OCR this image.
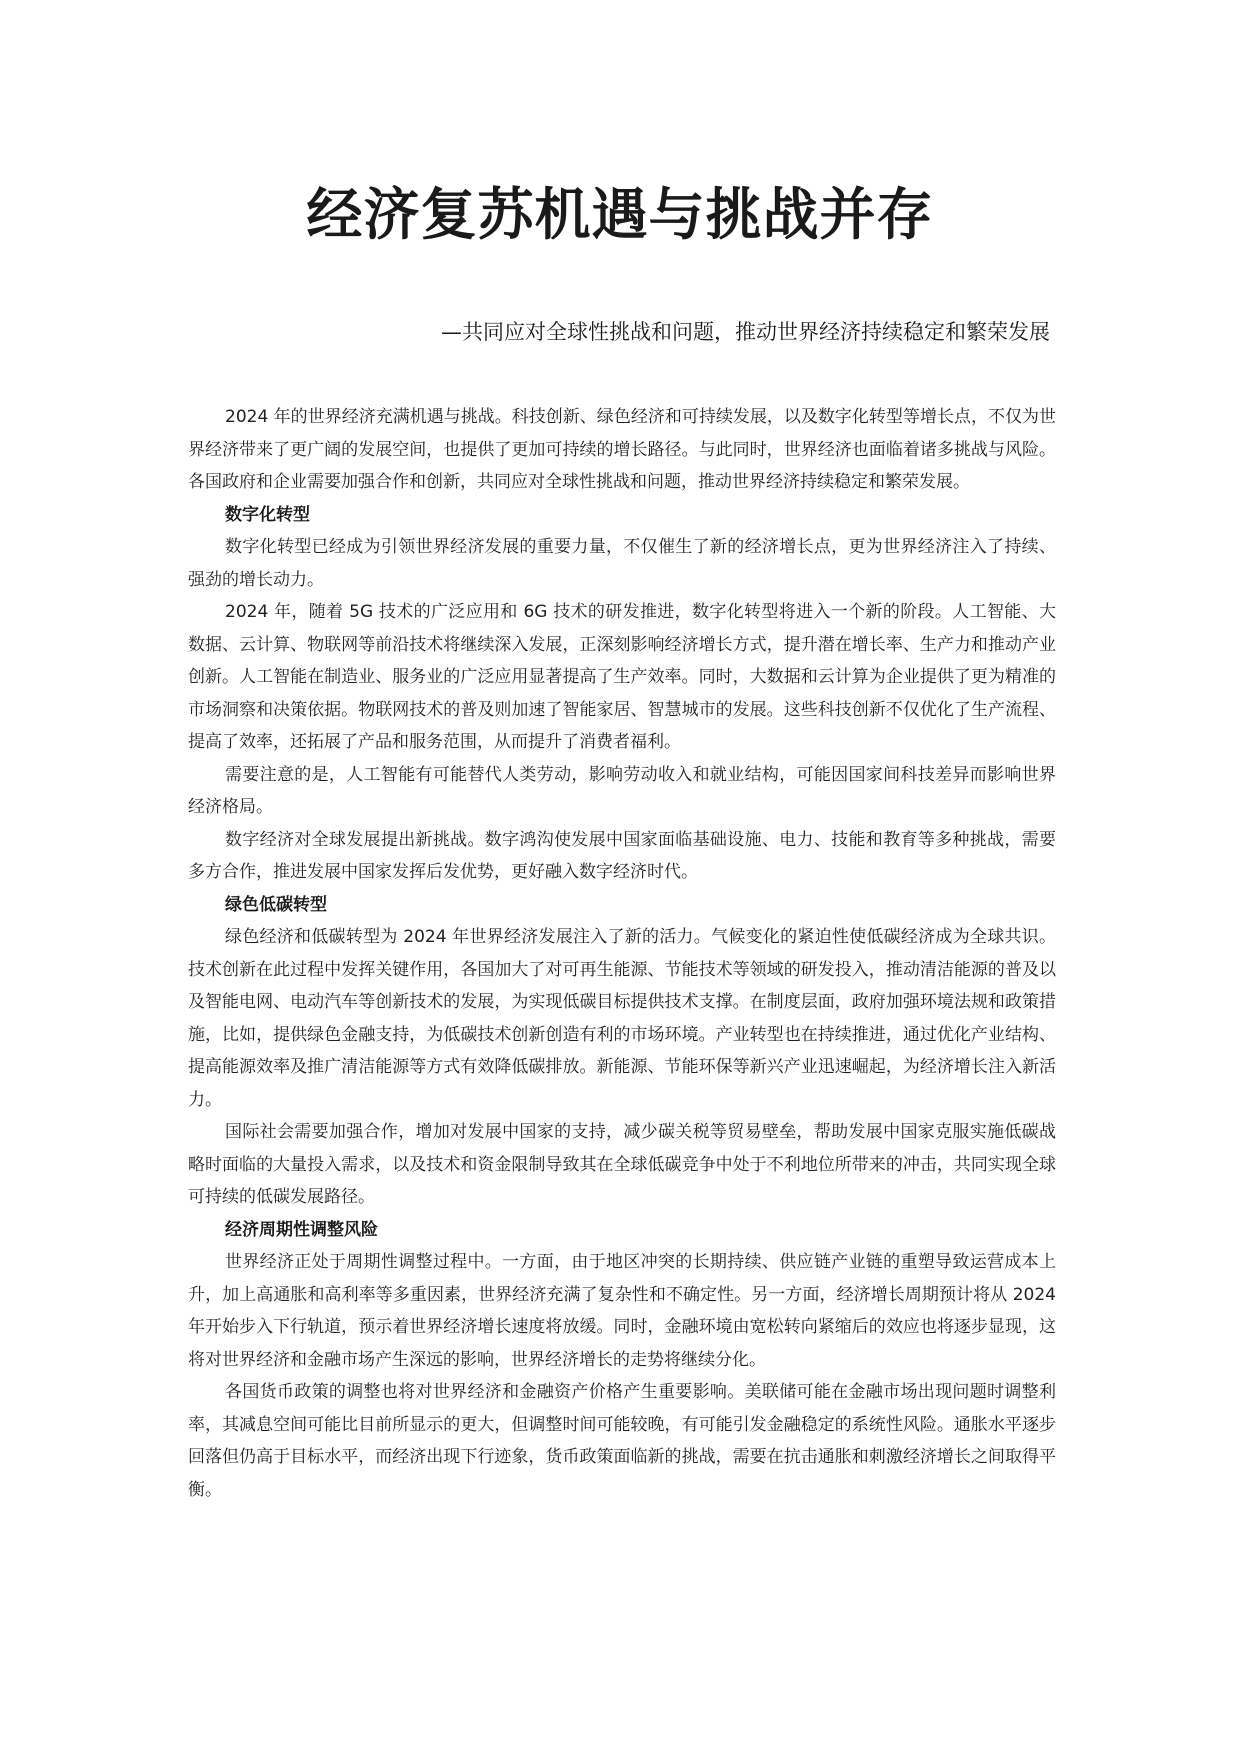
经济复苏机遇与挑战并存

—共同应对全球性挑战和问题，推动世界经济持续稳定和繁荣发展

2024 年的世界经济充满机遇与挑战。科技创新、绿色经济和可持续发展，以及数字化转型等增长点，不仅为世界经济带来了更广阔的发展空间，也提供了更加可持续的增长路径。与此同时，世界经济也面临着诸多挑战与风险。各国政府和企业需要加强合作和创新，共同应对全球性挑战和问题，推动世界经济持续稳定和繁荣发展。

数字化转型

数字化转型已经成为引领世界经济发展的重要力量，不仅催生了新的经济增长点，更为世界经济注入了持续、强劲的增长动力。

2024 年，随着 5G 技术的广泛应用和 6G 技术的研发推进，数字化转型将进入一个新的阶段。人工智能、大数据、云计算、物联网等前沿技术将继续深入发展，正深刻影响经济增长方式，提升潜在增长率、生产力和推动产业创新。人工智能在制造业、服务业的广泛应用显著提高了生产效率。同时，大数据和云计算为企业提供了更为精准的市场洞察和决策依据。物联网技术的普及则加速了智能家居、智慧城市的发展。这些科技创新不仅优化了生产流程、提高了效率，还拓展了产品和服务范围，从而提升了消费者福利。

需要注意的是，人工智能有可能替代人类劳动，影响劳动收入和就业结构，可能因国家间科技差异而影响世界经济格局。

数字经济对全球发展提出新挑战。数字鸿沟使发展中国家面临基础设施、电力、技能和教育等多种挑战，需要多方合作，推进发展中国家发挥后发优势，更好融入数字经济时代。

绿色低碳转型

绿色经济和低碳转型为 2024 年世界经济发展注入了新的活力。气候变化的紧迫性使低碳经济成为全球共识。技术创新在此过程中发挥关键作用，各国加大了对可再生能源、节能技术等领域的研发投入，推动清洁能源的普及以及智能电网、电动汽车等创新技术的发展，为实现低碳目标提供技术支撑。在制度层面，政府加强环境法规和政策措施，比如，提供绿色金融支持，为低碳技术创新创造有利的市场环境。产业转型也在持续推进，通过优化产业结构、提高能源效率及推广清洁能源等方式有效降低碳排放。新能源、节能环保等新兴产业迅速崛起，为经济增长注入新活力。

国际社会需要加强合作，增加对发展中国家的支持，减少碳关税等贸易壁垒，帮助发展中国家克服实施低碳战略时面临的大量投入需求，以及技术和资金限制导致其在全球低碳竞争中处于不利地位所带来的冲击，共同实现全球可持续的低碳发展路径。

经济周期性调整风险

世界经济正处于周期性调整过程中。一方面，由于地区冲突的长期持续、供应链产业链的重塑导致运营成本上升，加上高通胀和高利率等多重因素，世界经济充满了复杂性和不确定性。另一方面，经济增长周期预计将从 2024 年开始步入下行轨道，预示着世界经济增长速度将放缓。同时，金融环境由宽松转向紧缩后的效应也将逐步显现，这将对世界经济和金融市场产生深远的影响，世界经济增长的走势将继续分化。

各国货币政策的调整也将对世界经济和金融资产价格产生重要影响。美联储可能在金融市场出现问题时调整利率，其减息空间可能比目前所显示的更大，但调整时间可能较晚，有可能引发金融稳定的系统性风险。通胀水平逐步回落但仍高于目标水平，而经济出现下行迹象，货币政策面临新的挑战，需要在抗击通胀和刺激经济增长之间取得平衡。
